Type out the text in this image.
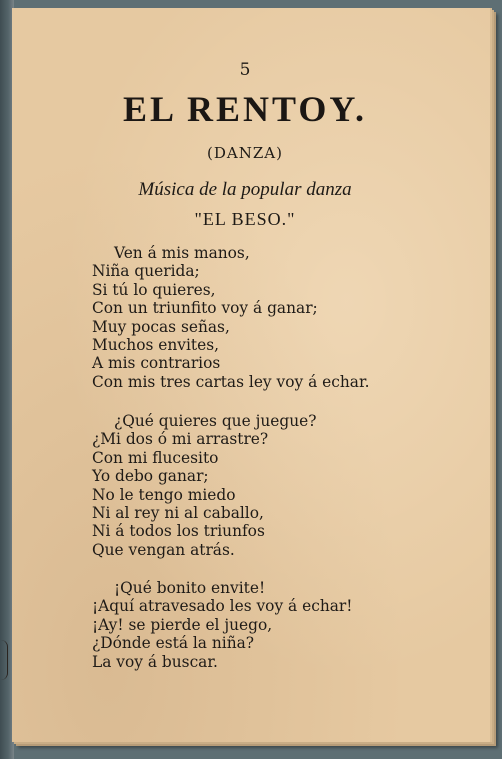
5
EL RENTOY.
(DANZA)
Música de la popular danza
"EL BESO."
Ven á mis manos,
Niña querida;
Si tú lo quieres,
Con un triunfito voy á ganar;
Muy pocas señas,
Muchos envites,
A mis contrarios
Con mis tres cartas ley voy á echar.
¿Qué quieres que juegue?
¿Mi dos ó mi arrastre?
Con mi flucesito
Yo debo ganar;
No le tengo miedo
Ni al rey ni al caballo,
Ni á todos los triunfos
Que vengan atrás.
¡Qué bonito envite!
¡Aquí atravesado les voy á echar!
¡Ay! se pierde el juego,
¿Dónde está la niña?
La voy á buscar.
